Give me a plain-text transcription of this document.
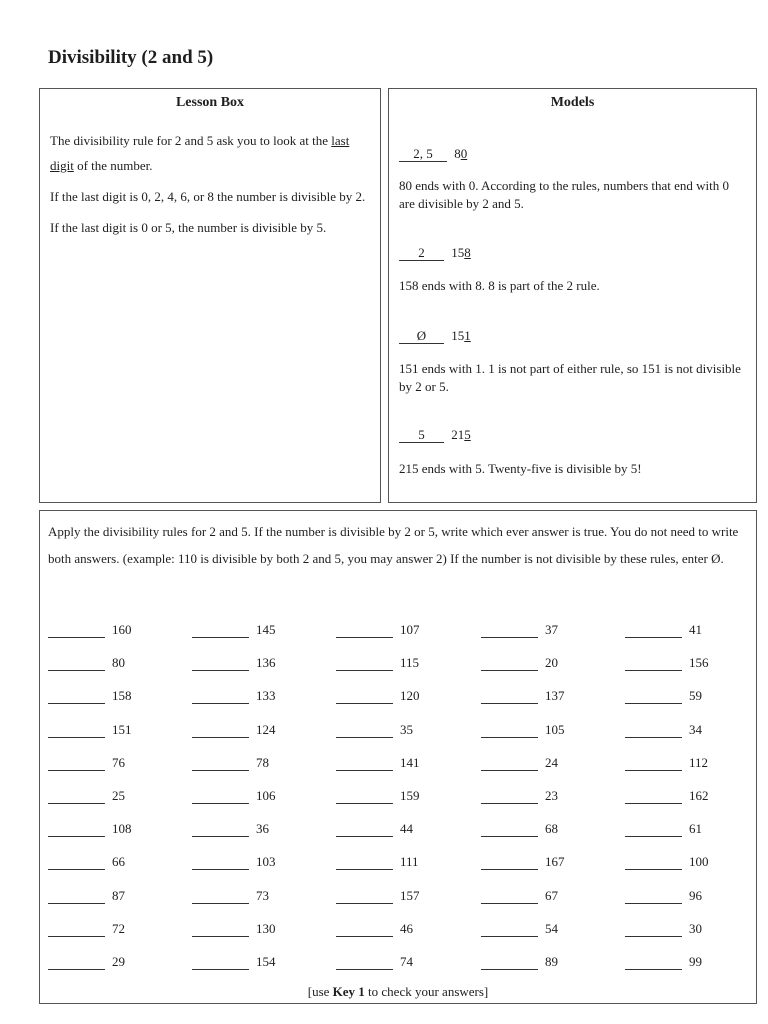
Divisibility (2 and 5)
Lesson Box

The divisibility rule for 2 and 5 ask you to look at the last digit of the number.

If the last digit is 0, 2, 4, 6, or 8 the number is divisible by 2.

If the last digit is 0 or 5, the number is divisible by 5.

Models
2, 5 80
80 ends with 0. According to the rules, numbers that end with 0 are divisible by 2 and 5.
2 158
158 ends with 8. 8 is part of the 2 rule.
Ø 151
151 ends with 1. 1 is not part of either rule, so 151 is not divisible by 2 or 5.
5 215
215 ends with 5. Twenty-five is divisible by 5!
Apply the divisibility rules for 2 and 5. If the number is divisible by 2 or 5, write which ever answer is true. You do not need to write both answers. (example: 110 is divisible by both 2 and 5, you may answer 2) If the number is not divisible by these rules, enter Ø.
160
80
158
151
76
25
108
66
87
72
29
145
136
133
124
78
106
36
103
73
130
154
107
115
120
35
141
159
44
111
157
46
74
37
20
137
105
24
23
68
167
67
54
89
41
156
59
34
112
162
61
100
96
30
99
[use Key 1 to check your answers]
